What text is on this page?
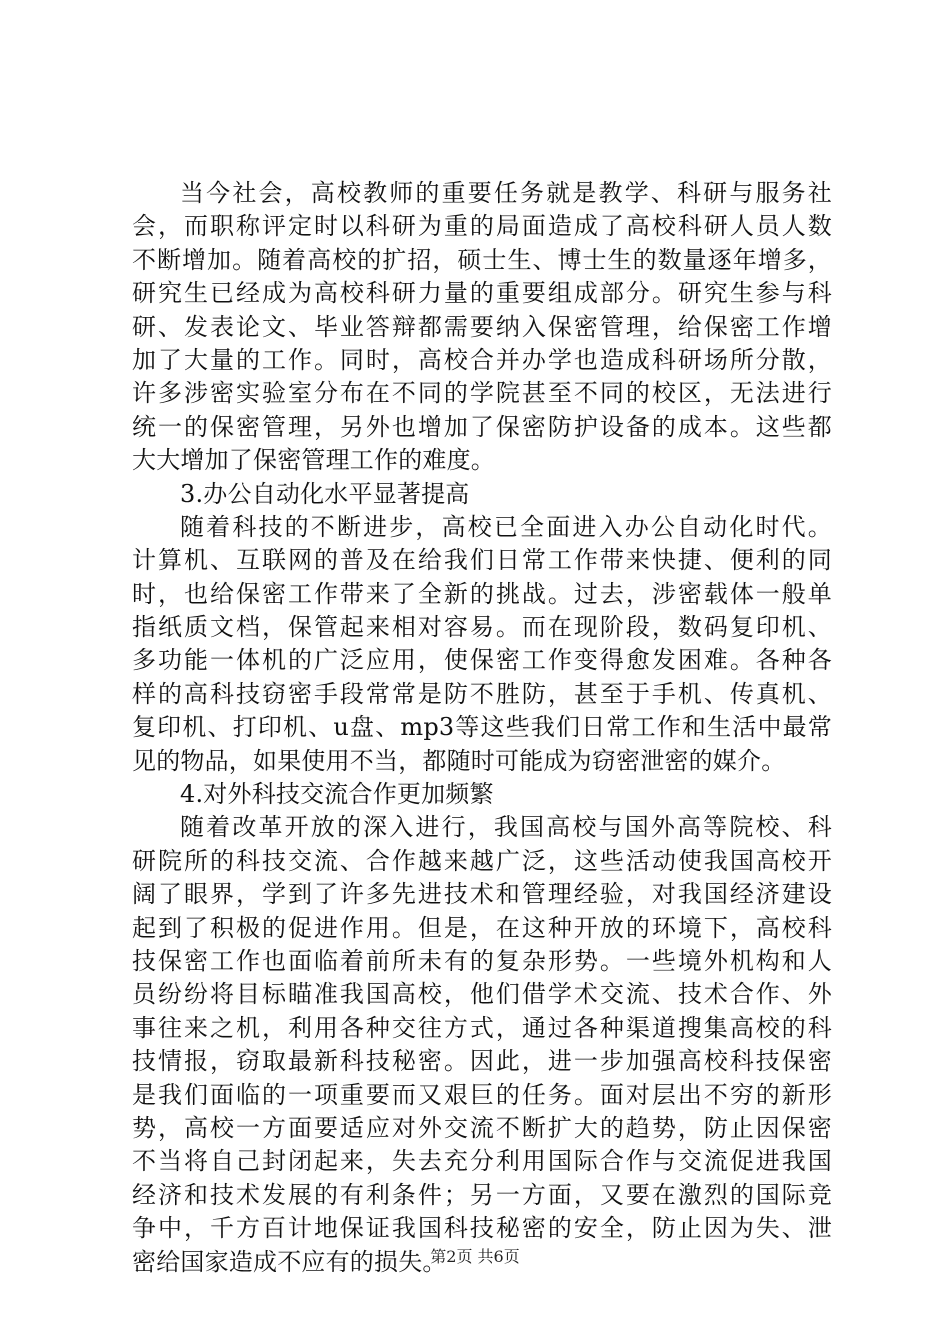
当今社会，高校教师的重要任务就是教学、科研与服务社
会，而职称评定时以科研为重的局面造成了高校科研人员人数
不断增加。随着高校的扩招，硕士生、博士生的数量逐年增多，
研究生已经成为高校科研力量的重要组成部分。研究生参与科
研、发表论文、毕业答辩都需要纳入保密管理，给保密工作增
加了大量的工作。同时，高校合并办学也造成科研场所分散，
许多涉密实验室分布在不同的学院甚至不同的校区，无法进行
统一的保密管理，另外也增加了保密防护设备的成本。这些都
大大增加了保密管理工作的难度。
3.办公自动化水平显著提高
随着科技的不断进步，高校已全面进入办公自动化时代。
计算机、互联网的普及在给我们日常工作带来快捷、便利的同
时，也给保密工作带来了全新的挑战。过去，涉密载体一般单
指纸质文档，保管起来相对容易。而在现阶段，数码复印机、
多功能一体机的广泛应用，使保密工作变得愈发困难。各种各
样的高科技窃密手段常常是防不胜防，甚至于手机、传真机、
复印机、打印机、u盘、mp3等这些我们日常工作和生活中最常
见的物品，如果使用不当，都随时可能成为窃密泄密的媒介。
4.对外科技交流合作更加频繁
随着改革开放的深入进行，我国高校与国外高等院校、科
研院所的科技交流、合作越来越广泛，这些活动使我国高校开
阔了眼界，学到了许多先进技术和管理经验，对我国经济建设
起到了积极的促进作用。但是，在这种开放的环境下，高校科
技保密工作也面临着前所未有的复杂形势。一些境外机构和人
员纷纷将目标瞄准我国高校，他们借学术交流、技术合作、外
事往来之机，利用各种交往方式，通过各种渠道搜集高校的科
技情报，窃取最新科技秘密。因此，进一步加强高校科技保密
是我们面临的一项重要而又艰巨的任务。面对层出不穷的新形
势，高校一方面要适应对外交流不断扩大的趋势，防止因保密
不当将自己封闭起来，失去充分利用国际合作与交流促进我国
经济和技术发展的有利条件；另一方面，又要在激烈的国际竞
争中，千方百计地保证我国科技秘密的安全，防止因为失、泄
密给国家造成不应有的损失。
第2页 共6页
